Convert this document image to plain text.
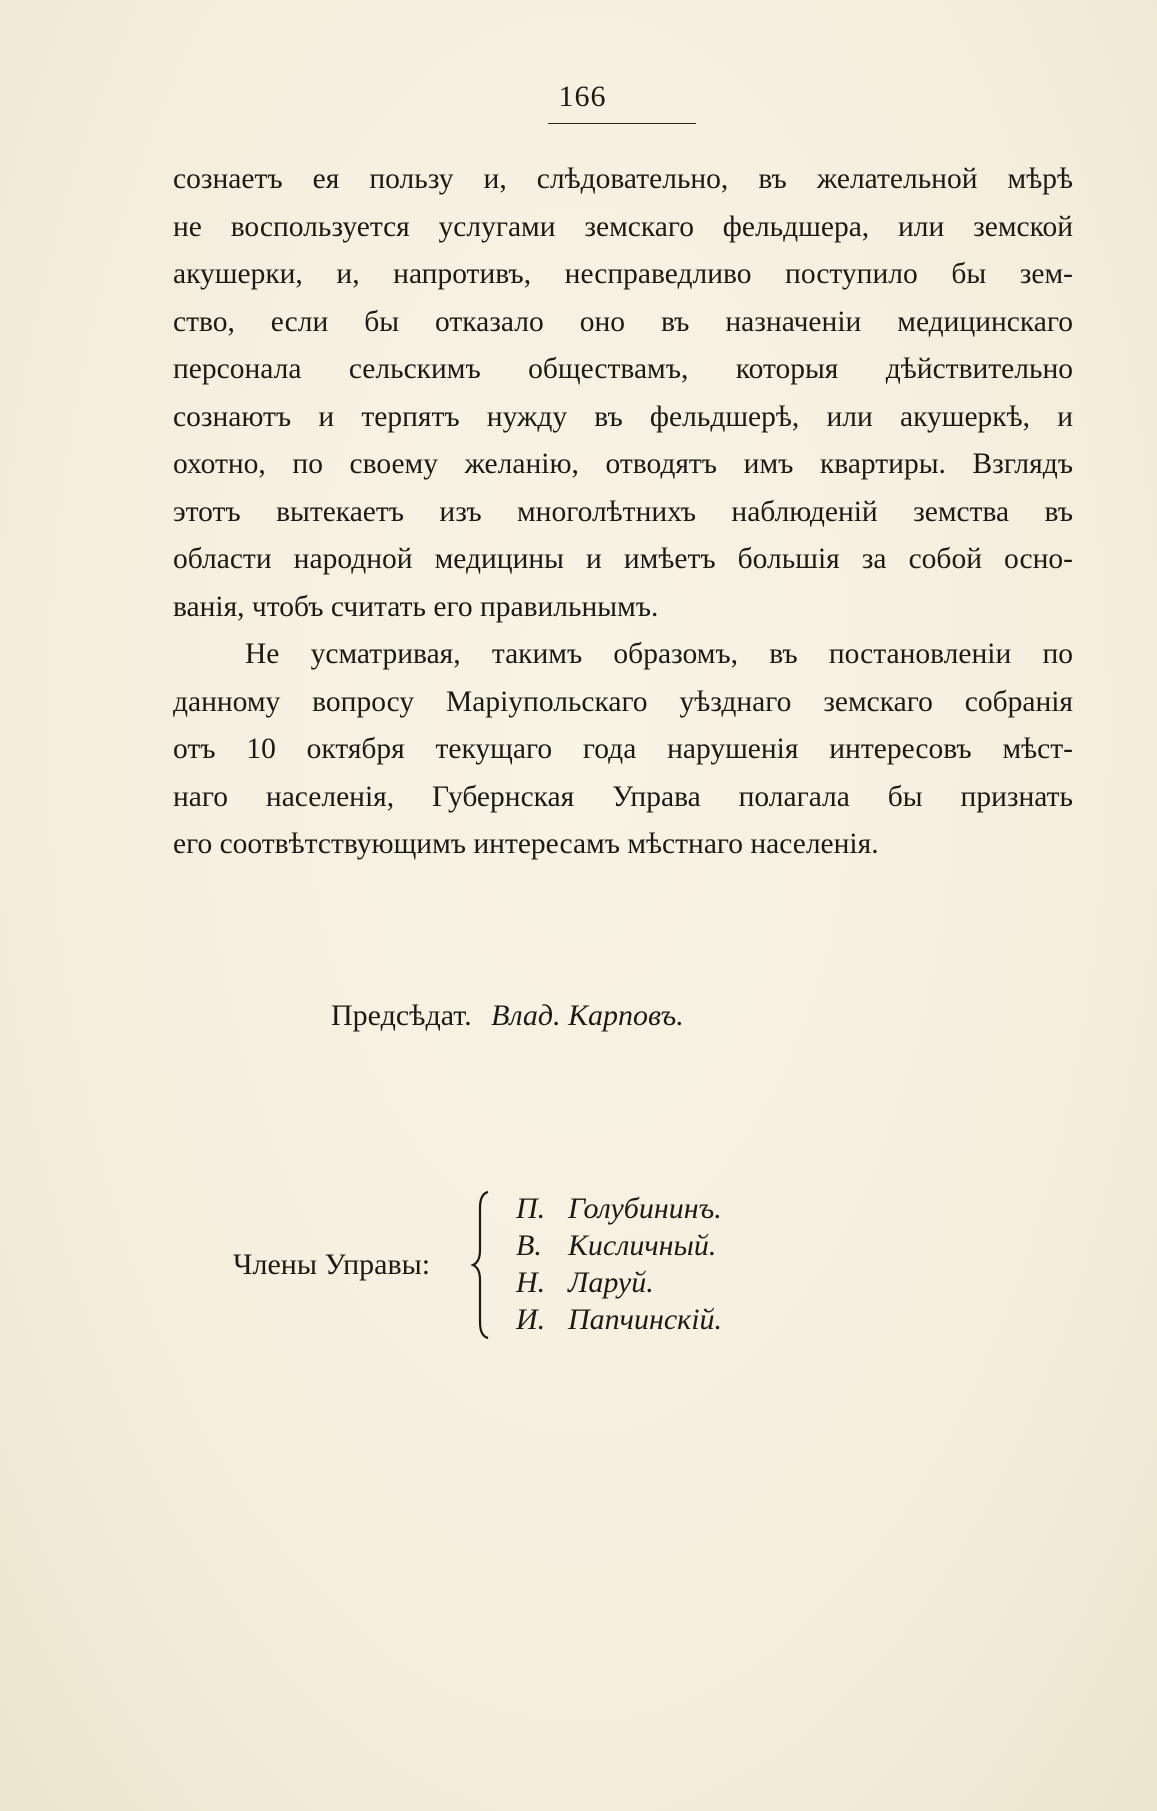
166
сознаетъ ея пользу и, слѣдовательно, въ желательной мѣрѣ
не воспользуется услугами земскаго фельдшера, или земской
акушерки, и, напротивъ, несправедливо поступило бы зем-
ство, если бы отказало оно въ назначеніи медицинскаго
персонала сельскимъ обществамъ, которыя дѣйствительно
сознаютъ и терпятъ нужду въ фельдшерѣ, или акушеркѣ, и
охотно, по своему желанію, отводятъ имъ квартиры. Взглядъ
этотъ вытекаетъ изъ многолѣтнихъ наблюденій земства въ
области народной медицины и имѣетъ большія за собой осно-
ванія, чтобъ считать его правильнымъ.
Не усматривая, такимъ образомъ, въ постановленіи по
данному вопросу Маріупольскаго уѣзднаго земскаго собранія
отъ 10 октября текущаго года нарушенія интересовъ мѣст-
наго населенія, Губернская Управа полагала бы признать
его соотвѣтствующимъ интересамъ мѣстнаго населенія.
Предсѣдат. Влад. Карповъ.
Члены Управы:
П. Голубининъ.
В. Кисличный.
Н. Ларуй.
И. Папчинскій.
